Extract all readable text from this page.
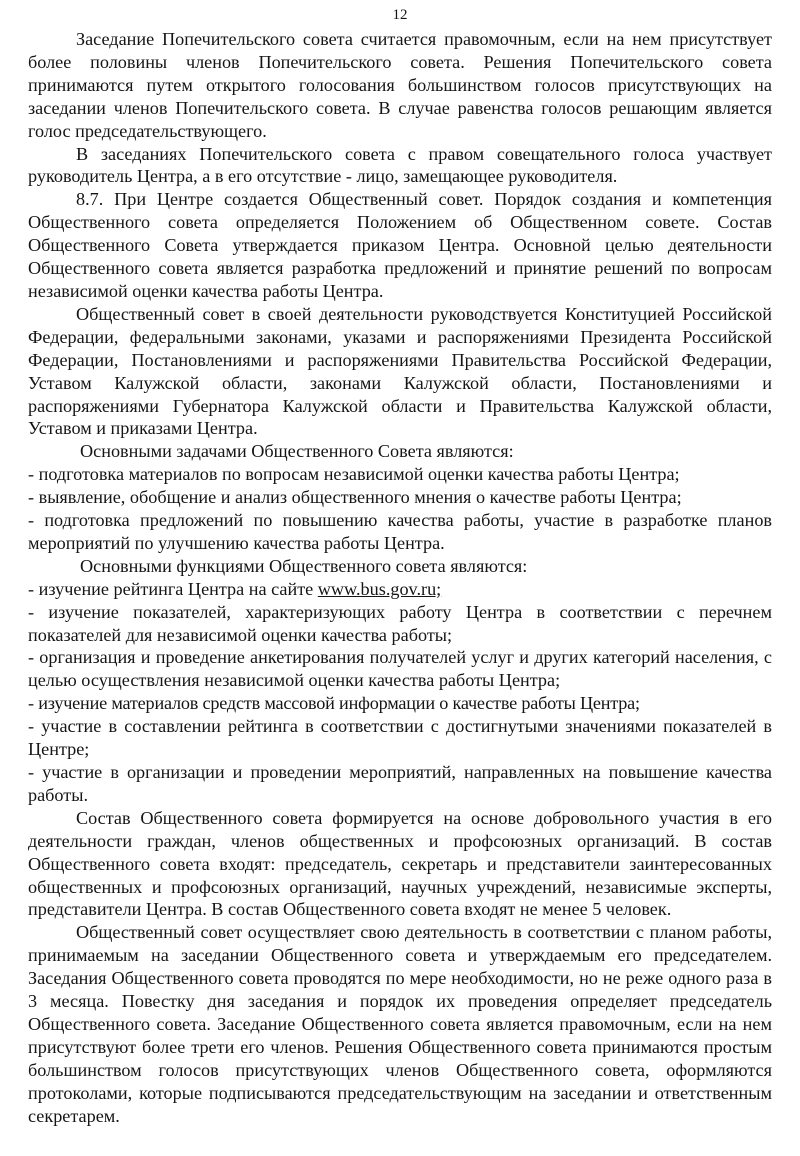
12

Заседание Попечительского совета считается правомочным, если на нем присутствует более половины членов Попечительского совета. Решения Попечительского совета принимаются путем открытого голосования большинством голосов присутствующих на заседании членов Попечительского совета. В случае равенства голосов решающим является голос председательствующего.

В заседаниях Попечительского совета с правом совещательного голоса участвует руководитель Центра, а в его отсутствие - лицо, замещающее руководителя.

8.7. При Центре создается Общественный совет. Порядок создания и компетенция Общественного совета определяется Положением об Общественном совете. Состав Общественного Совета утверждается приказом Центра. Основной целью деятельности Общественного совета является разработка предложений и принятие решений по вопросам независимой оценки качества работы Центра.

Общественный совет в своей деятельности руководствуется Конституцией Российской Федерации, федеральными законами, указами и распоряжениями Президента Российской Федерации, Постановлениями и распоряжениями Правительства Российской Федерации, Уставом Калужской области, законами Калужской области, Постановлениями и распоряжениями Губернатора Калужской области и Правительства Калужской области, Уставом и приказами Центра.

Основными задачами Общественного Совета являются:

- подготовка материалов по вопросам независимой оценки качества работы Центра;

- выявление, обобщение и анализ общественного мнения о качестве работы Центра;

- подготовка предложений по повышению качества работы, участие в разработке планов мероприятий по улучшению качества работы Центра.

Основными функциями Общественного совета являются:

- изучение рейтинга Центра на сайте www.bus.gov.ru;

- изучение показателей, характеризующих работу Центра в соответствии с перечнем показателей для независимой оценки качества работы;

- организация и проведение анкетирования получателей услуг и других категорий населения, с целью осуществления независимой оценки качества работы Центра;

- изучение материалов средств массовой информации о качестве работы Центра;

- участие в составлении рейтинга в соответствии с достигнутыми значениями показателей в Центре;

- участие в организации и проведении мероприятий, направленных на повышение качества работы.

Состав Общественного совета формируется на основе добровольного участия в его деятельности граждан, членов общественных и профсоюзных организаций. В состав Общественного совета входят: председатель, секретарь и представители заинтересованных общественных и профсоюзных организаций, научных учреждений, независимые эксперты, представители Центра. В состав Общественного совета входят не менее 5 человек.

Общественный совет осуществляет свою деятельность в соответствии с планом работы, принимаемым на заседании Общественного совета и утверждаемым его председателем. Заседания Общественного совета проводятся по мере необходимости, но не реже одного раза в 3 месяца. Повестку дня заседания и порядок их проведения определяет председатель Общественного совета. Заседание Общественного совета является правомочным, если на нем присутствуют более трети его членов. Решения Общественного совета принимаются простым большинством голосов присутствующих членов Общественного совета, оформляются протоколами, которые подписываются председательствующим на заседании и ответственным секретарем.
